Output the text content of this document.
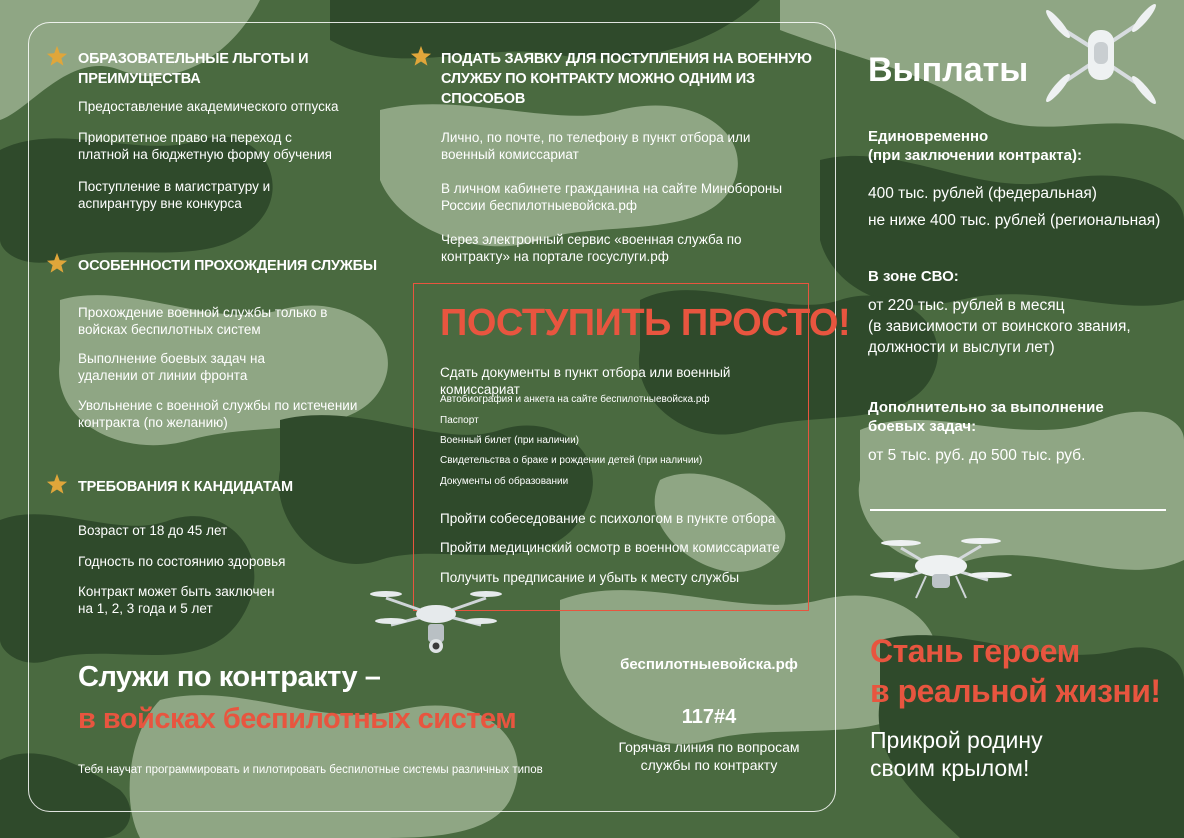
ОБРАЗОВАТЕЛЬНЫЕ ЛЬГОТЫ И ПРЕИМУЩЕСТВА
Предоставление академического отпуска
Приоритетное право на переход с платной на бюджетную форму обучения
Поступление в магистратуру и аспирантуру вне конкурса
ОСОБЕННОСТИ ПРОХОЖДЕНИЯ СЛУЖБЫ
Прохождение военной службы только в войсках беспилотных систем
Выполнение боевых задач на удалении от линии фронта
Увольнение с военной службы по истечении контракта (по желанию)
ТРЕБОВАНИЯ К КАНДИДАТАМ
Возраст от 18 до 45 лет
Годность по состоянию здоровья
Контракт может быть заключен на 1, 2, 3 года и 5 лет
ПОДАТЬ ЗАЯВКУ ДЛЯ ПОСТУПЛЕНИЯ НА ВОЕННУЮ
СЛУЖБУ ПО КОНТРАКТУ МОЖНО ОДНИМ ИЗ СПОСОБОВ
Лично, по почте, по телефону в пункт отбора или военный комиссариат
В личном кабинете гражданина на сайте Минобороны России беспилотныевойска.рф
Через электронный сервис «военная служба по контракту» на портале госуслуги.рф
ПОСТУПИТЬ ПРОСТО!
Сдать документы в пункт отбора или военный комиссариат
Автобиография и анкета на сайте беспилотныевойска.рф
Паспорт
Военный билет (при наличии)
Свидетельства о браке и рождении детей (при наличии)
Документы об образовании
Пройти собеседование с психологом в пункте отбора
Пройти медицинский осмотр в военном комиссариате
Получить предписание и убыть к месту службы
Служи по контракту –
в войсках беспилотных систем
Тебя научат программировать и пилотировать беспилотные системы различных типов
беспилотныевойска.рф
117#4
Горячая линия по вопросам
службы по контракту
Выплаты
Единовременно
(при заключении контракта):
400 тыс. рублей (федеральная)
не ниже 400 тыс. рублей (региональная)
В зоне СВО:
от 220 тыс. рублей в месяц
(в зависимости от воинского звания,
должности и выслуги лет)
Дополнительно за выполнение
боевых задач:
от 5 тыс. руб. до 500 тыс. руб.
Стань героем
в реальной жизни!
Прикрой родину
своим крылом!
